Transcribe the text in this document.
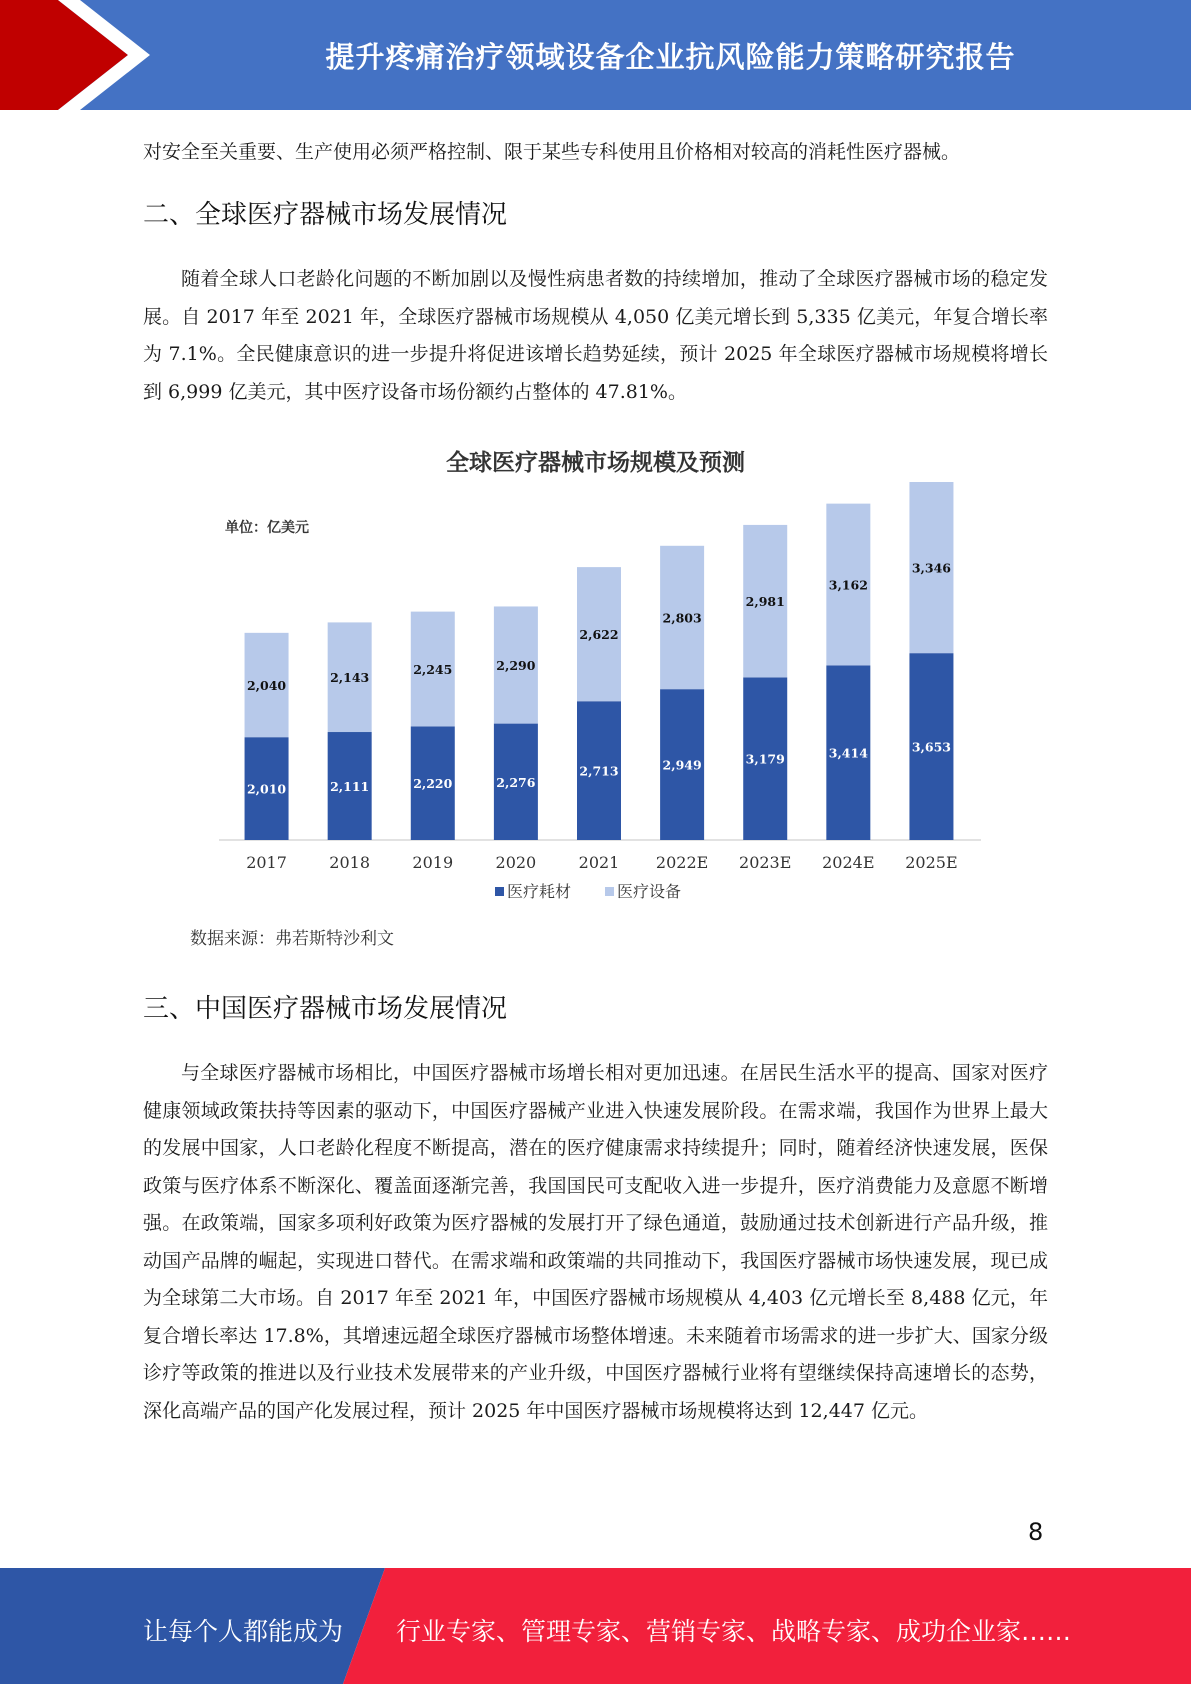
提升疼痛治疗领域设备企业抗风险能力策略研究报告

对安全至关重要、生产使用必须严格控制、限于某些专科使用且价格相对较高的消耗性医疗器械。

二、全球医疗器械市场发展情况

随着全球人口老龄化问题的不断加剧以及慢性病患者数的持续增加，推动了全球医疗器械市场的稳定发展。自 2017 年至 2021 年，全球医疗器械市场规模从 4,050 亿美元增长到 5,335 亿美元，年复合增长率为 7.1%。全民健康意识的进一步提升将促进该增长趋势延续，预计 2025 年全球医疗器械市场规模将增长到 6,999 亿美元，其中医疗设备市场份额约占整体的 47.81%。

全球医疗器械市场规模及预测
单位：亿美元
2,010
2,040
2017
2,111
2,143
2018
2,220
2,245
2019
2,276
2,290
2020
2,713
2,622
2021
2,949
2,803
2022E
3,179
2,981
2023E
3,414
3,162
2024E
3,653
3,346
2025E
医疗耗材	医疗设备
数据来源：弗若斯特沙利文
三、中国医疗器械市场发展情况

与全球医疗器械市场相比，中国医疗器械市场增长相对更加迅速。在居民生活水平的提高、国家对医疗健康领域政策扶持等因素的驱动下，中国医疗器械产业进入快速发展阶段。在需求端，我国作为世界上最大的发展中国家，人口老龄化程度不断提高，潜在的医疗健康需求持续提升；同时，随着经济快速发展，医保政策与医疗体系不断深化、覆盖面逐渐完善，我国国民可支配收入进一步提升，医疗消费能力及意愿不断增强。在政策端，国家多项利好政策为医疗器械的发展打开了绿色通道，鼓励通过技术创新进行产品升级，推动国产品牌的崛起，实现进口替代。在需求端和政策端的共同推动下，我国医疗器械市场快速发展，现已成为全球第二大市场。自 2017 年至 2021 年，中国医疗器械市场规模从 4,403 亿元增长至 8,488 亿元，年复合增长率达 17.8%，其增速远超全球医疗器械市场整体增速。未来随着市场需求的进一步扩大、国家分级诊疗等政策的推进以及行业技术发展带来的产业升级，中国医疗器械行业将有望继续保持高速增长的态势，深化高端产品的国产化发展过程，预计 2025 年中国医疗器械市场规模将达到 12,447 亿元。

8
让每个人都能成为 行业专家、管理专家、营销专家、战略专家、成功企业家……
